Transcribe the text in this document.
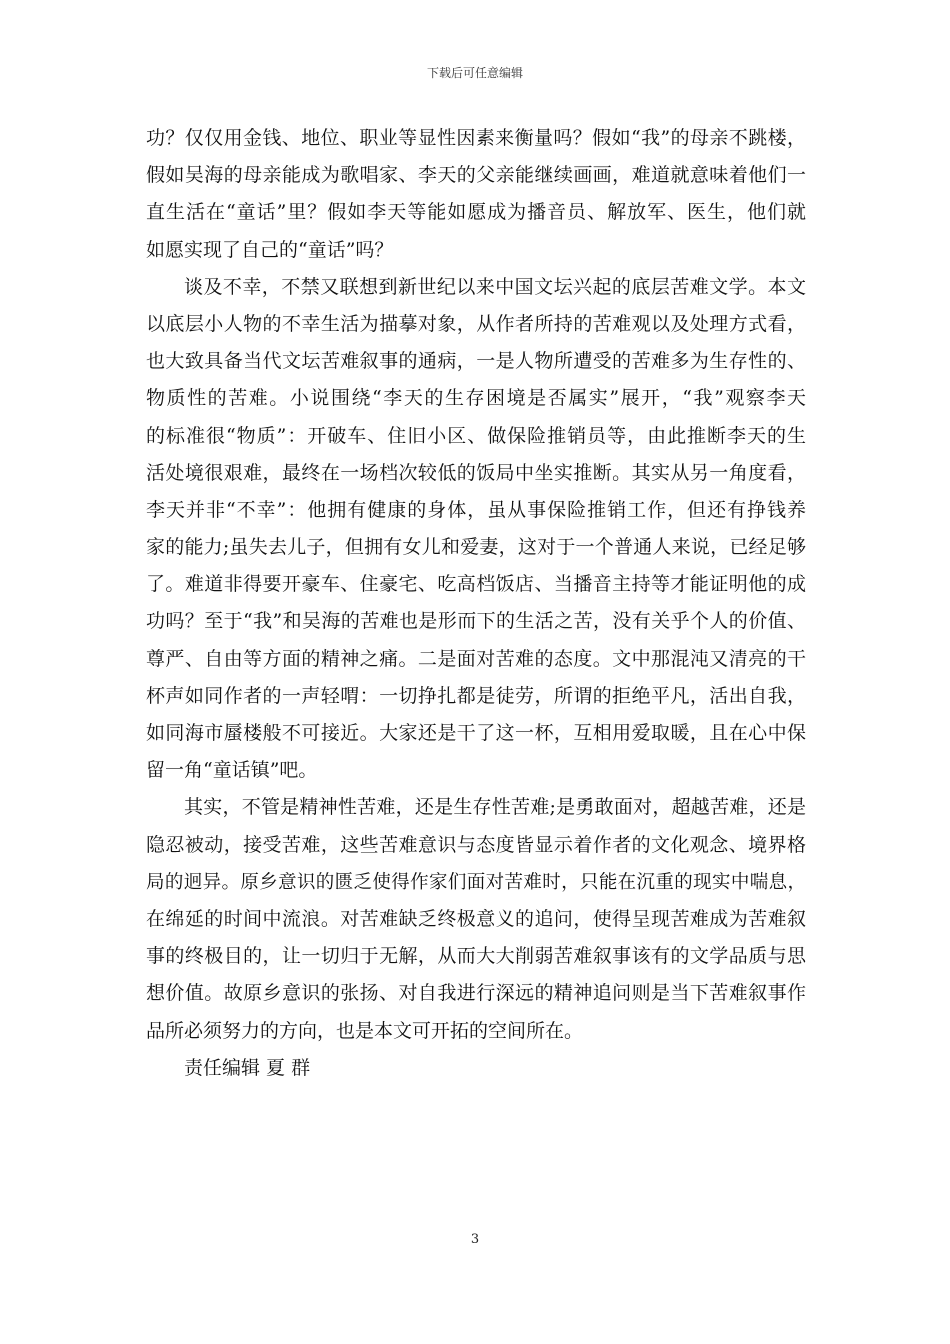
下载后可任意编辑
功？仅仅用金钱、地位、职业等显性因素来衡量吗？假如“我”的母亲不跳楼，
假如吴海的母亲能成为歌唱家、李天的父亲能继续画画，难道就意味着他们一
直生活在“童话”里？假如李天等能如愿成为播音员、解放军、医生，他们就
如愿实现了自己的“童话”吗？
谈及不幸，不禁又联想到新世纪以来中国文坛兴起的底层苦难文学。本文
以底层小人物的不幸生活为描摹对象，从作者所持的苦难观以及处理方式看，
也大致具备当代文坛苦难叙事的通病，一是人物所遭受的苦难多为生存性的、
物质性的苦难。小说围绕“李天的生存困境是否属实”展开，“我”观察李天
的标准很“物质”：开破车、住旧小区、做保险推销员等，由此推断李天的生
活处境很艰难，最终在一场档次较低的饭局中坐实推断。其实从另一角度看，
李天并非“不幸”：他拥有健康的身体，虽从事保险推销工作，但还有挣钱养
家的能力;虽失去儿子，但拥有女儿和爱妻，这对于一个普通人来说，已经足够
了。难道非得要开豪车、住豪宅、吃高档饭店、当播音主持等才能证明他的成
功吗？至于“我”和吴海的苦难也是形而下的生活之苦，没有关乎个人的价值、
尊严、自由等方面的精神之痛。二是面对苦难的态度。文中那混沌又清亮的干
杯声如同作者的一声轻喟：一切挣扎都是徒劳，所谓的拒绝平凡，活出自我，
如同海市蜃楼般不可接近。大家还是干了这一杯，互相用爱取暖，且在心中保
留一角“童话镇”吧。
其实，不管是精神性苦难，还是生存性苦难;是勇敢面对，超越苦难，还是
隐忍被动，接受苦难，这些苦难意识与态度皆显示着作者的文化观念、境界格
局的迥异。原乡意识的匮乏使得作家们面对苦难时，只能在沉重的现实中喘息，
在绵延的时间中流浪。对苦难缺乏终极意义的追问，使得呈现苦难成为苦难叙
事的终极目的，让一切归于无解，从而大大削弱苦难叙事该有的文学品质与思
想价值。故原乡意识的张扬、对自我进行深远的精神追问则是当下苦难叙事作
品所必须努力的方向，也是本文可开拓的空间所在。
责任编辑 夏 群
3
